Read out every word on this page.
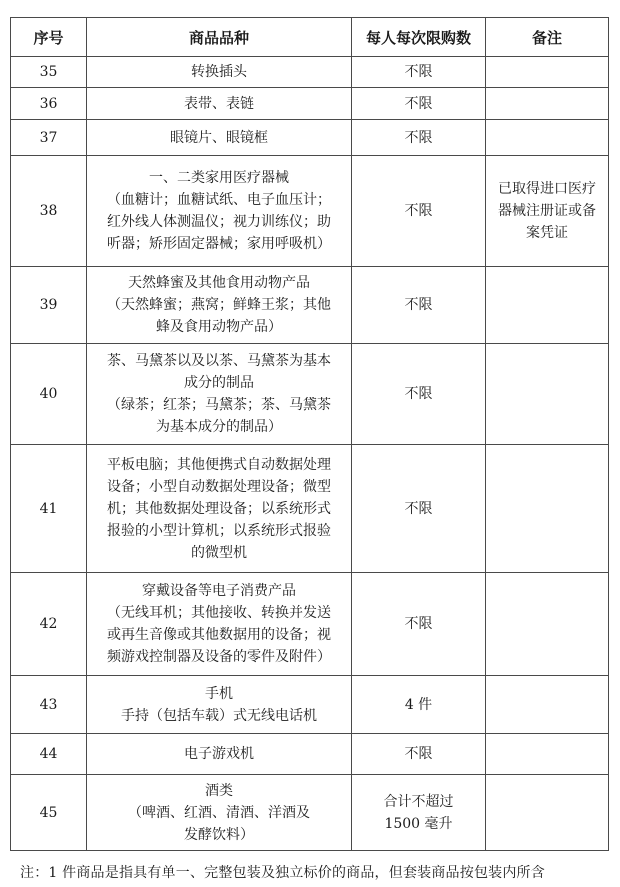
序号	商品品种	每人每次限购数	备注

35	转换插头	不限	

36	表带、表链	不限	

37	眼镜片、眼镜框	不限	

38	一、二类家用医疗器械
（血糖计；血糖试纸、电子血压计；
红外线人体测温仪；视力训练仪；助
听器；矫形固定器械；家用呼吸机）	不限	已取得进口医疗
器械注册证或备
案凭证

39	天然蜂蜜及其他食用动物产品
（天然蜂蜜；燕窝；鲜蜂王浆；其他
蜂及食用动物产品）	不限	

40	茶、马黛茶以及以茶、马黛茶为基本
成分的制品
（绿茶；红茶；马黛茶；茶、马黛茶
为基本成分的制品）	不限	

41	平板电脑；其他便携式自动数据处理
设备；小型自动数据处理设备；微型
机；其他数据处理设备；以系统形式
报验的小型计算机；以系统形式报验
的微型机	不限	

42	穿戴设备等电子消费产品
（无线耳机；其他接收、转换并发送
或再生音像或其他数据用的设备；视
频游戏控制器及设备的零件及附件）	不限	

43	手机
手持（包括车载）式无线电话机	4 件	

44	电子游戏机	不限	

45	酒类
（啤酒、红酒、清酒、洋酒及
发酵饮料）	合计不超过
1500 毫升	

注：1 件商品是指具有单一、完整包装及独立标价的商品，但套装商品按包装内所含
